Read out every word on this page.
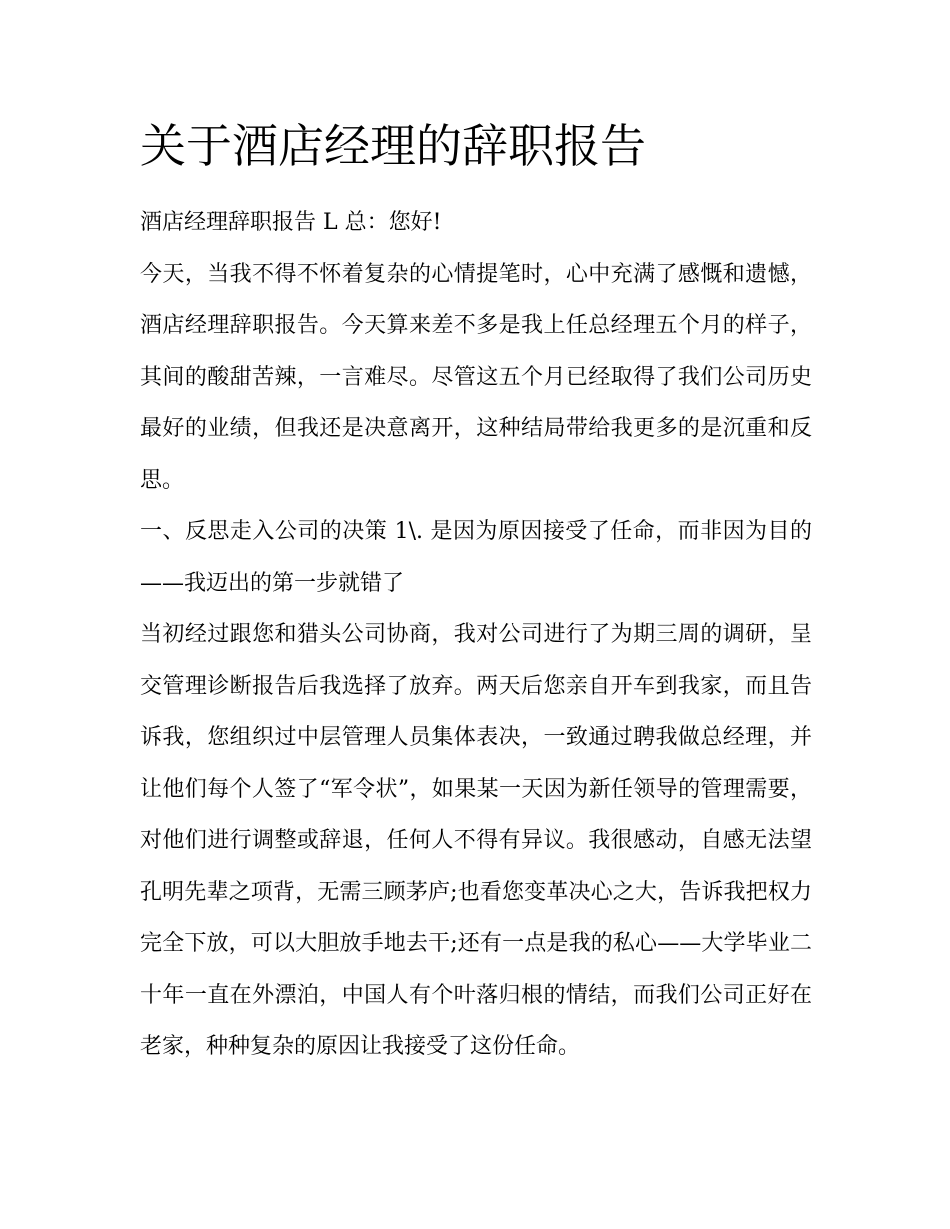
关于酒店经理的辞职报告

酒店经理辞职报告 L 总：您好!

今天，当我不得不怀着复杂的心情提笔时，心中充满了感慨和遗憾，酒店经理辞职报告。今天算来差不多是我上任总经理五个月的样子，其间的酸甜苦辣，一言难尽。尽管这五个月已经取得了我们公司历史最好的业绩，但我还是决意离开，这种结局带给我更多的是沉重和反思。

一、反思走入公司的决策 1\. 是因为原因接受了任命，而非因为目的——我迈出的第一步就错了

当初经过跟您和猎头公司协商，我对公司进行了为期三周的调研，呈交管理诊断报告后我选择了放弃。两天后您亲自开车到我家，而且告诉我，您组织过中层管理人员集体表决，一致通过聘我做总经理，并让他们每个人签了“军令状”，如果某一天因为新任领导的管理需要，对他们进行调整或辞退，任何人不得有异议。我很感动，自感无法望孔明先辈之项背，无需三顾茅庐;也看您变革决心之大，告诉我把权力完全下放，可以大胆放手地去干;还有一点是我的私心——大学毕业二十年一直在外漂泊，中国人有个叶落归根的情结，而我们公司正好在老家，种种复杂的原因让我接受了这份任命。
